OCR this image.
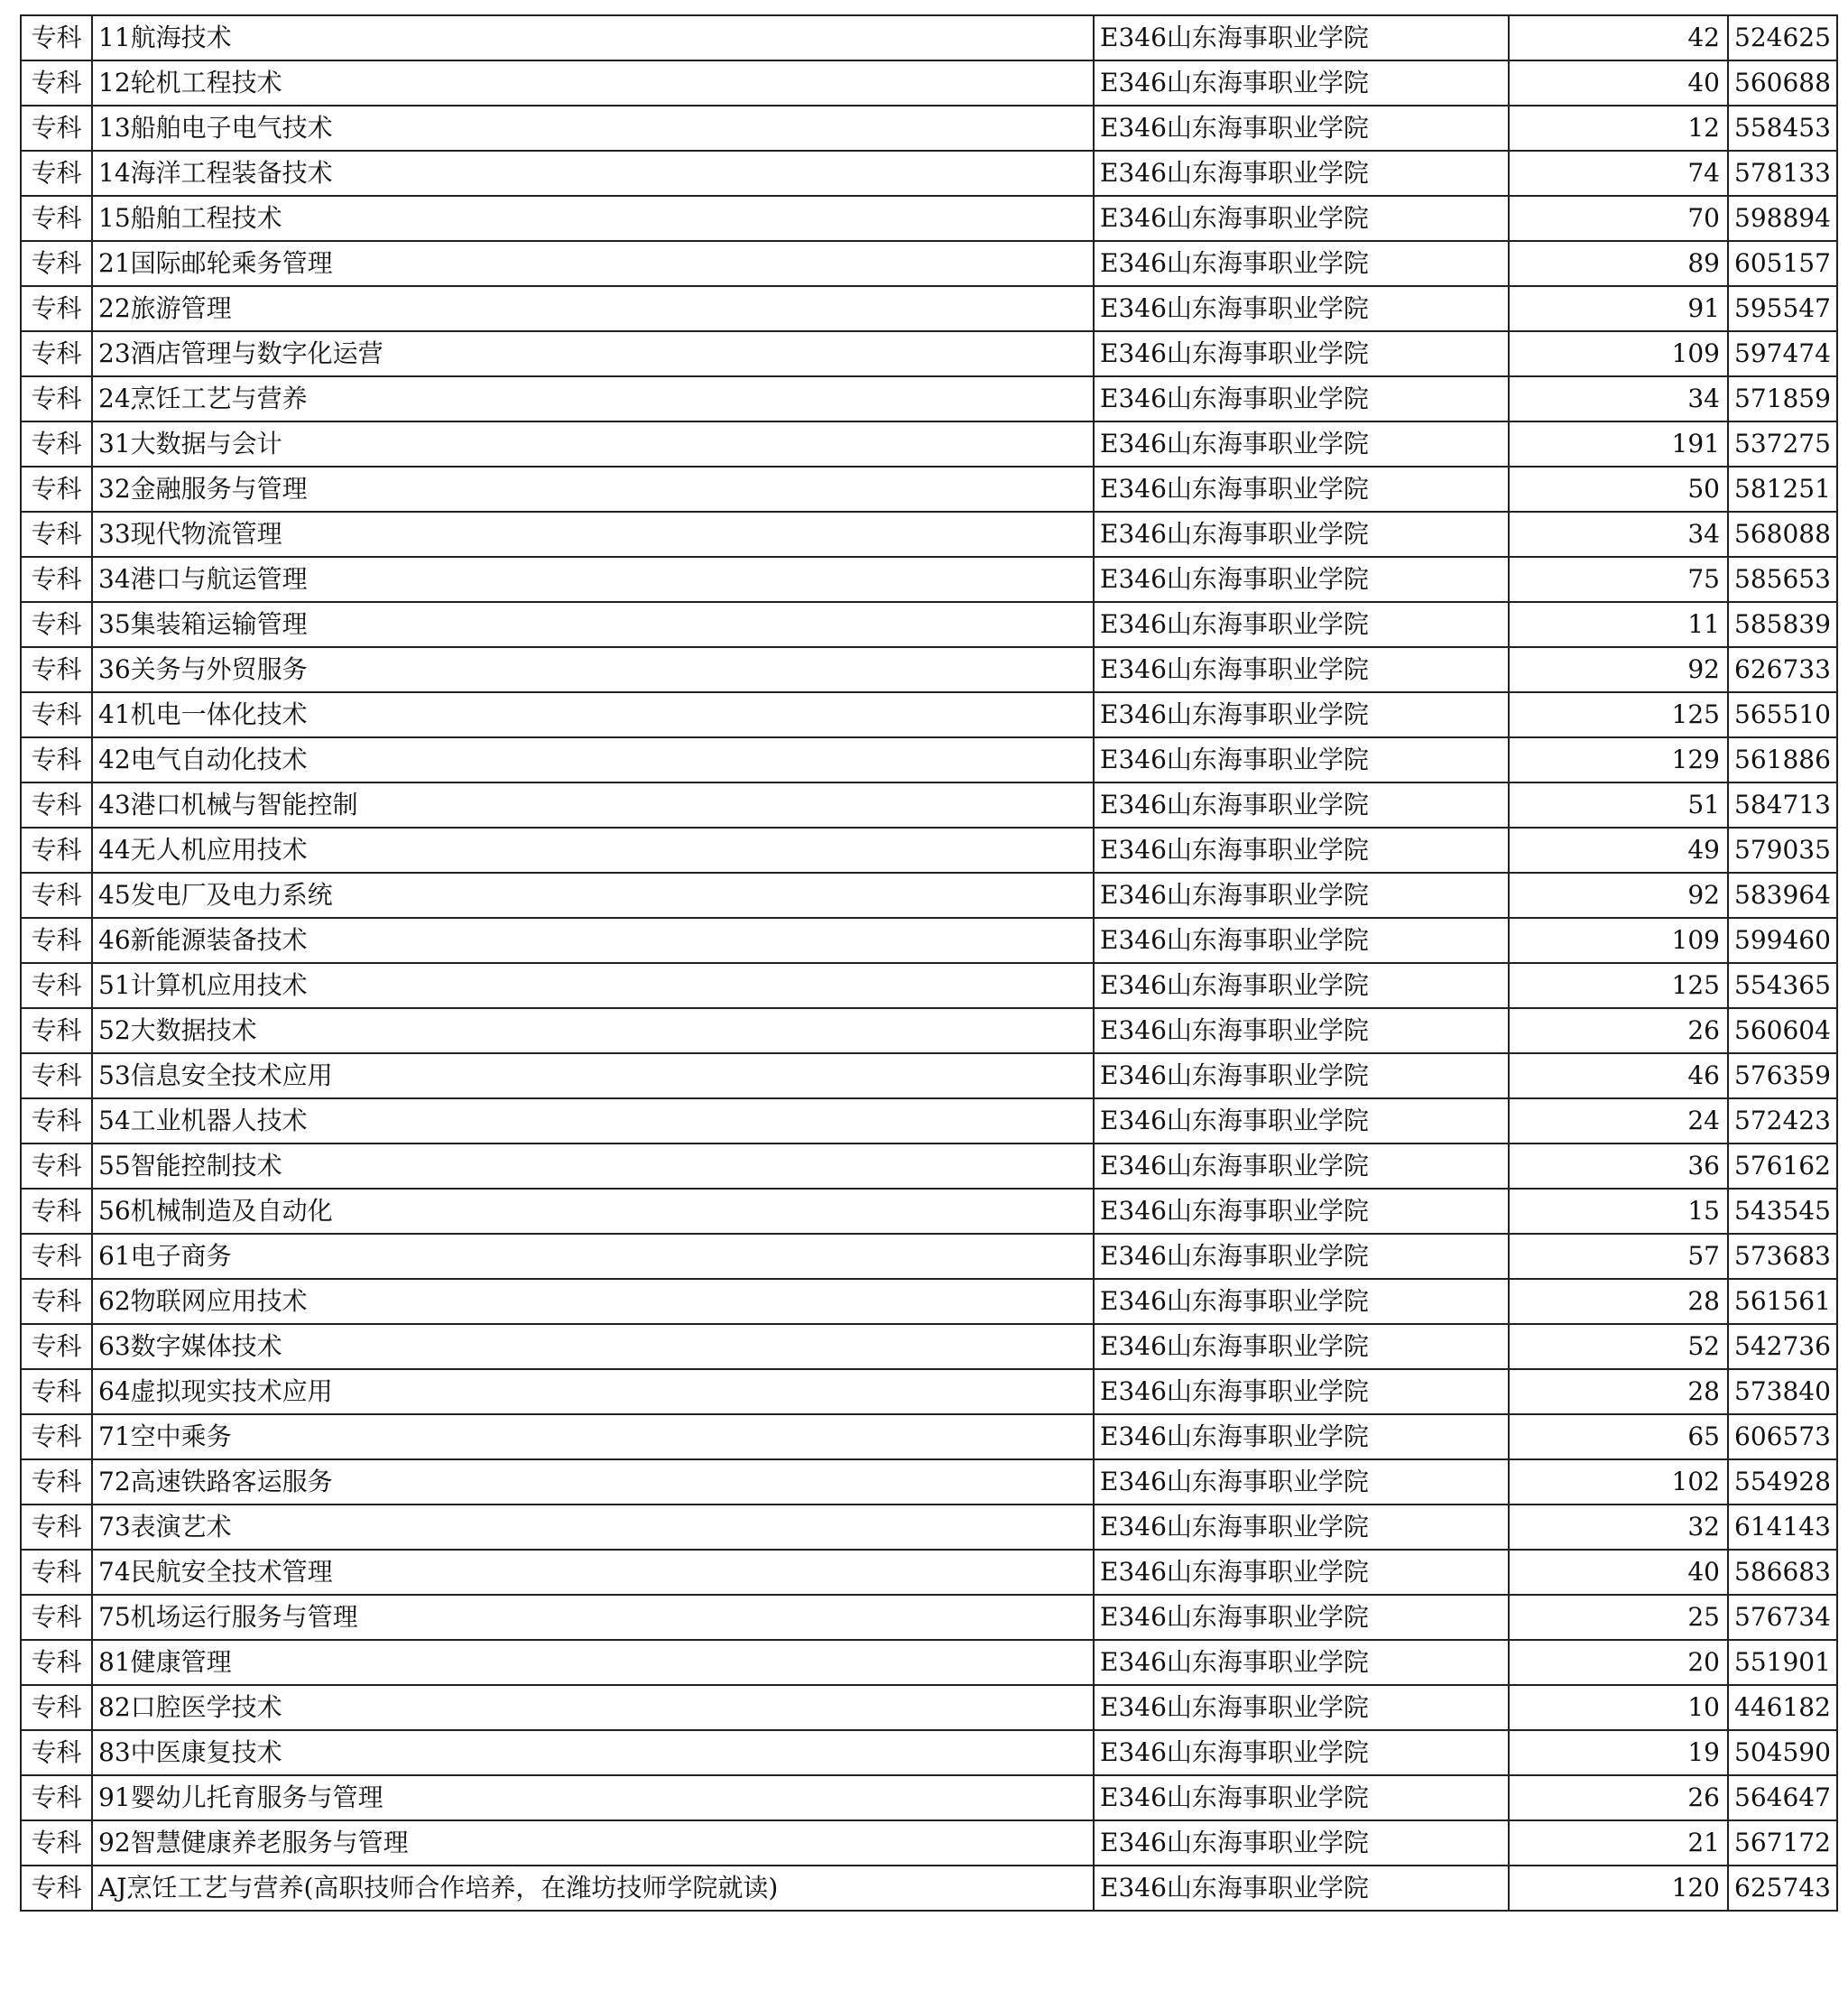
专科	11航海技术	E346山东海事职业学院	42	524625
专科	12轮机工程技术	E346山东海事职业学院	40	560688
专科	13船舶电子电气技术	E346山东海事职业学院	12	558453
专科	14海洋工程装备技术	E346山东海事职业学院	74	578133
专科	15船舶工程技术	E346山东海事职业学院	70	598894
专科	21国际邮轮乘务管理	E346山东海事职业学院	89	605157
专科	22旅游管理	E346山东海事职业学院	91	595547
专科	23酒店管理与数字化运营	E346山东海事职业学院	109	597474
专科	24烹饪工艺与营养	E346山东海事职业学院	34	571859
专科	31大数据与会计	E346山东海事职业学院	191	537275
专科	32金融服务与管理	E346山东海事职业学院	50	581251
专科	33现代物流管理	E346山东海事职业学院	34	568088
专科	34港口与航运管理	E346山东海事职业学院	75	585653
专科	35集装箱运输管理	E346山东海事职业学院	11	585839
专科	36关务与外贸服务	E346山东海事职业学院	92	626733
专科	41机电一体化技术	E346山东海事职业学院	125	565510
专科	42电气自动化技术	E346山东海事职业学院	129	561886
专科	43港口机械与智能控制	E346山东海事职业学院	51	584713
专科	44无人机应用技术	E346山东海事职业学院	49	579035
专科	45发电厂及电力系统	E346山东海事职业学院	92	583964
专科	46新能源装备技术	E346山东海事职业学院	109	599460
专科	51计算机应用技术	E346山东海事职业学院	125	554365
专科	52大数据技术	E346山东海事职业学院	26	560604
专科	53信息安全技术应用	E346山东海事职业学院	46	576359
专科	54工业机器人技术	E346山东海事职业学院	24	572423
专科	55智能控制技术	E346山东海事职业学院	36	576162
专科	56机械制造及自动化	E346山东海事职业学院	15	543545
专科	61电子商务	E346山东海事职业学院	57	573683
专科	62物联网应用技术	E346山东海事职业学院	28	561561
专科	63数字媒体技术	E346山东海事职业学院	52	542736
专科	64虚拟现实技术应用	E346山东海事职业学院	28	573840
专科	71空中乘务	E346山东海事职业学院	65	606573
专科	72高速铁路客运服务	E346山东海事职业学院	102	554928
专科	73表演艺术	E346山东海事职业学院	32	614143
专科	74民航安全技术管理	E346山东海事职业学院	40	586683
专科	75机场运行服务与管理	E346山东海事职业学院	25	576734
专科	81健康管理	E346山东海事职业学院	20	551901
专科	82口腔医学技术	E346山东海事职业学院	10	446182
专科	83中医康复技术	E346山东海事职业学院	19	504590
专科	91婴幼儿托育服务与管理	E346山东海事职业学院	26	564647
专科	92智慧健康养老服务与管理	E346山东海事职业学院	21	567172
专科	AJ烹饪工艺与营养(高职技师合作培养，在潍坊技师学院就读)	E346山东海事职业学院	120	625743
